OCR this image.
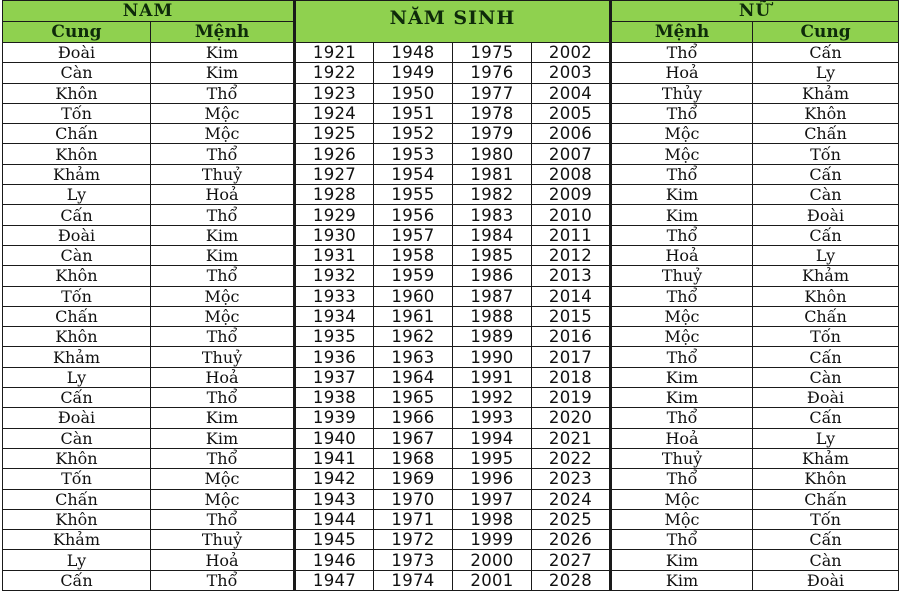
NAM		NĂM SINH				NỮ	
Cung	Mệnh					Mệnh	Cung
Đoài	Kim	1921	1948	1975	2002	Thổ	Cấn
Càn	Kim	1922	1949	1976	2003	Hoả	Ly
Khôn	Thổ	1923	1950	1977	2004	Thủy	Khảm
Tốn	Mộc	1924	1951	1978	2005	Thổ	Khôn
Chấn	Mộc	1925	1952	1979	2006	Mộc	Chấn
Khôn	Thổ	1926	1953	1980	2007	Mộc	Tốn
Khảm	Thuỷ	1927	1954	1981	2008	Thổ	Cấn
Ly	Hoả	1928	1955	1982	2009	Kim	Càn
Cấn	Thổ	1929	1956	1983	2010	Kim	Đoài
Đoài	Kim	1930	1957	1984	2011	Thổ	Cấn
Càn	Kim	1931	1958	1985	2012	Hoả	Ly
Khôn	Thổ	1932	1959	1986	2013	Thuỷ	Khảm
Tốn	Mộc	1933	1960	1987	2014	Thổ	Khôn
Chấn	Mộc	1934	1961	1988	2015	Mộc	Chấn
Khôn	Thổ	1935	1962	1989	2016	Mộc	Tốn
Khảm	Thuỷ	1936	1963	1990	2017	Thổ	Cấn
Ly	Hoả	1937	1964	1991	2018	Kim	Càn
Cấn	Thổ	1938	1965	1992	2019	Kim	Đoài
Đoài	Kim	1939	1966	1993	2020	Thổ	Cấn
Càn	Kim	1940	1967	1994	2021	Hoả	Ly
Khôn	Thổ	1941	1968	1995	2022	Thuỷ	Khảm
Tốn	Mộc	1942	1969	1996	2023	Thổ	Khôn
Chấn	Mộc	1943	1970	1997	2024	Mộc	Chấn
Khôn	Thổ	1944	1971	1998	2025	Mộc	Tốn
Khảm	Thuỷ	1945	1972	1999	2026	Thổ	Cấn
Ly	Hoả	1946	1973	2000	2027	Kim	Càn
Cấn	Thổ	1947	1974	2001	2028	Kim	Đoài
